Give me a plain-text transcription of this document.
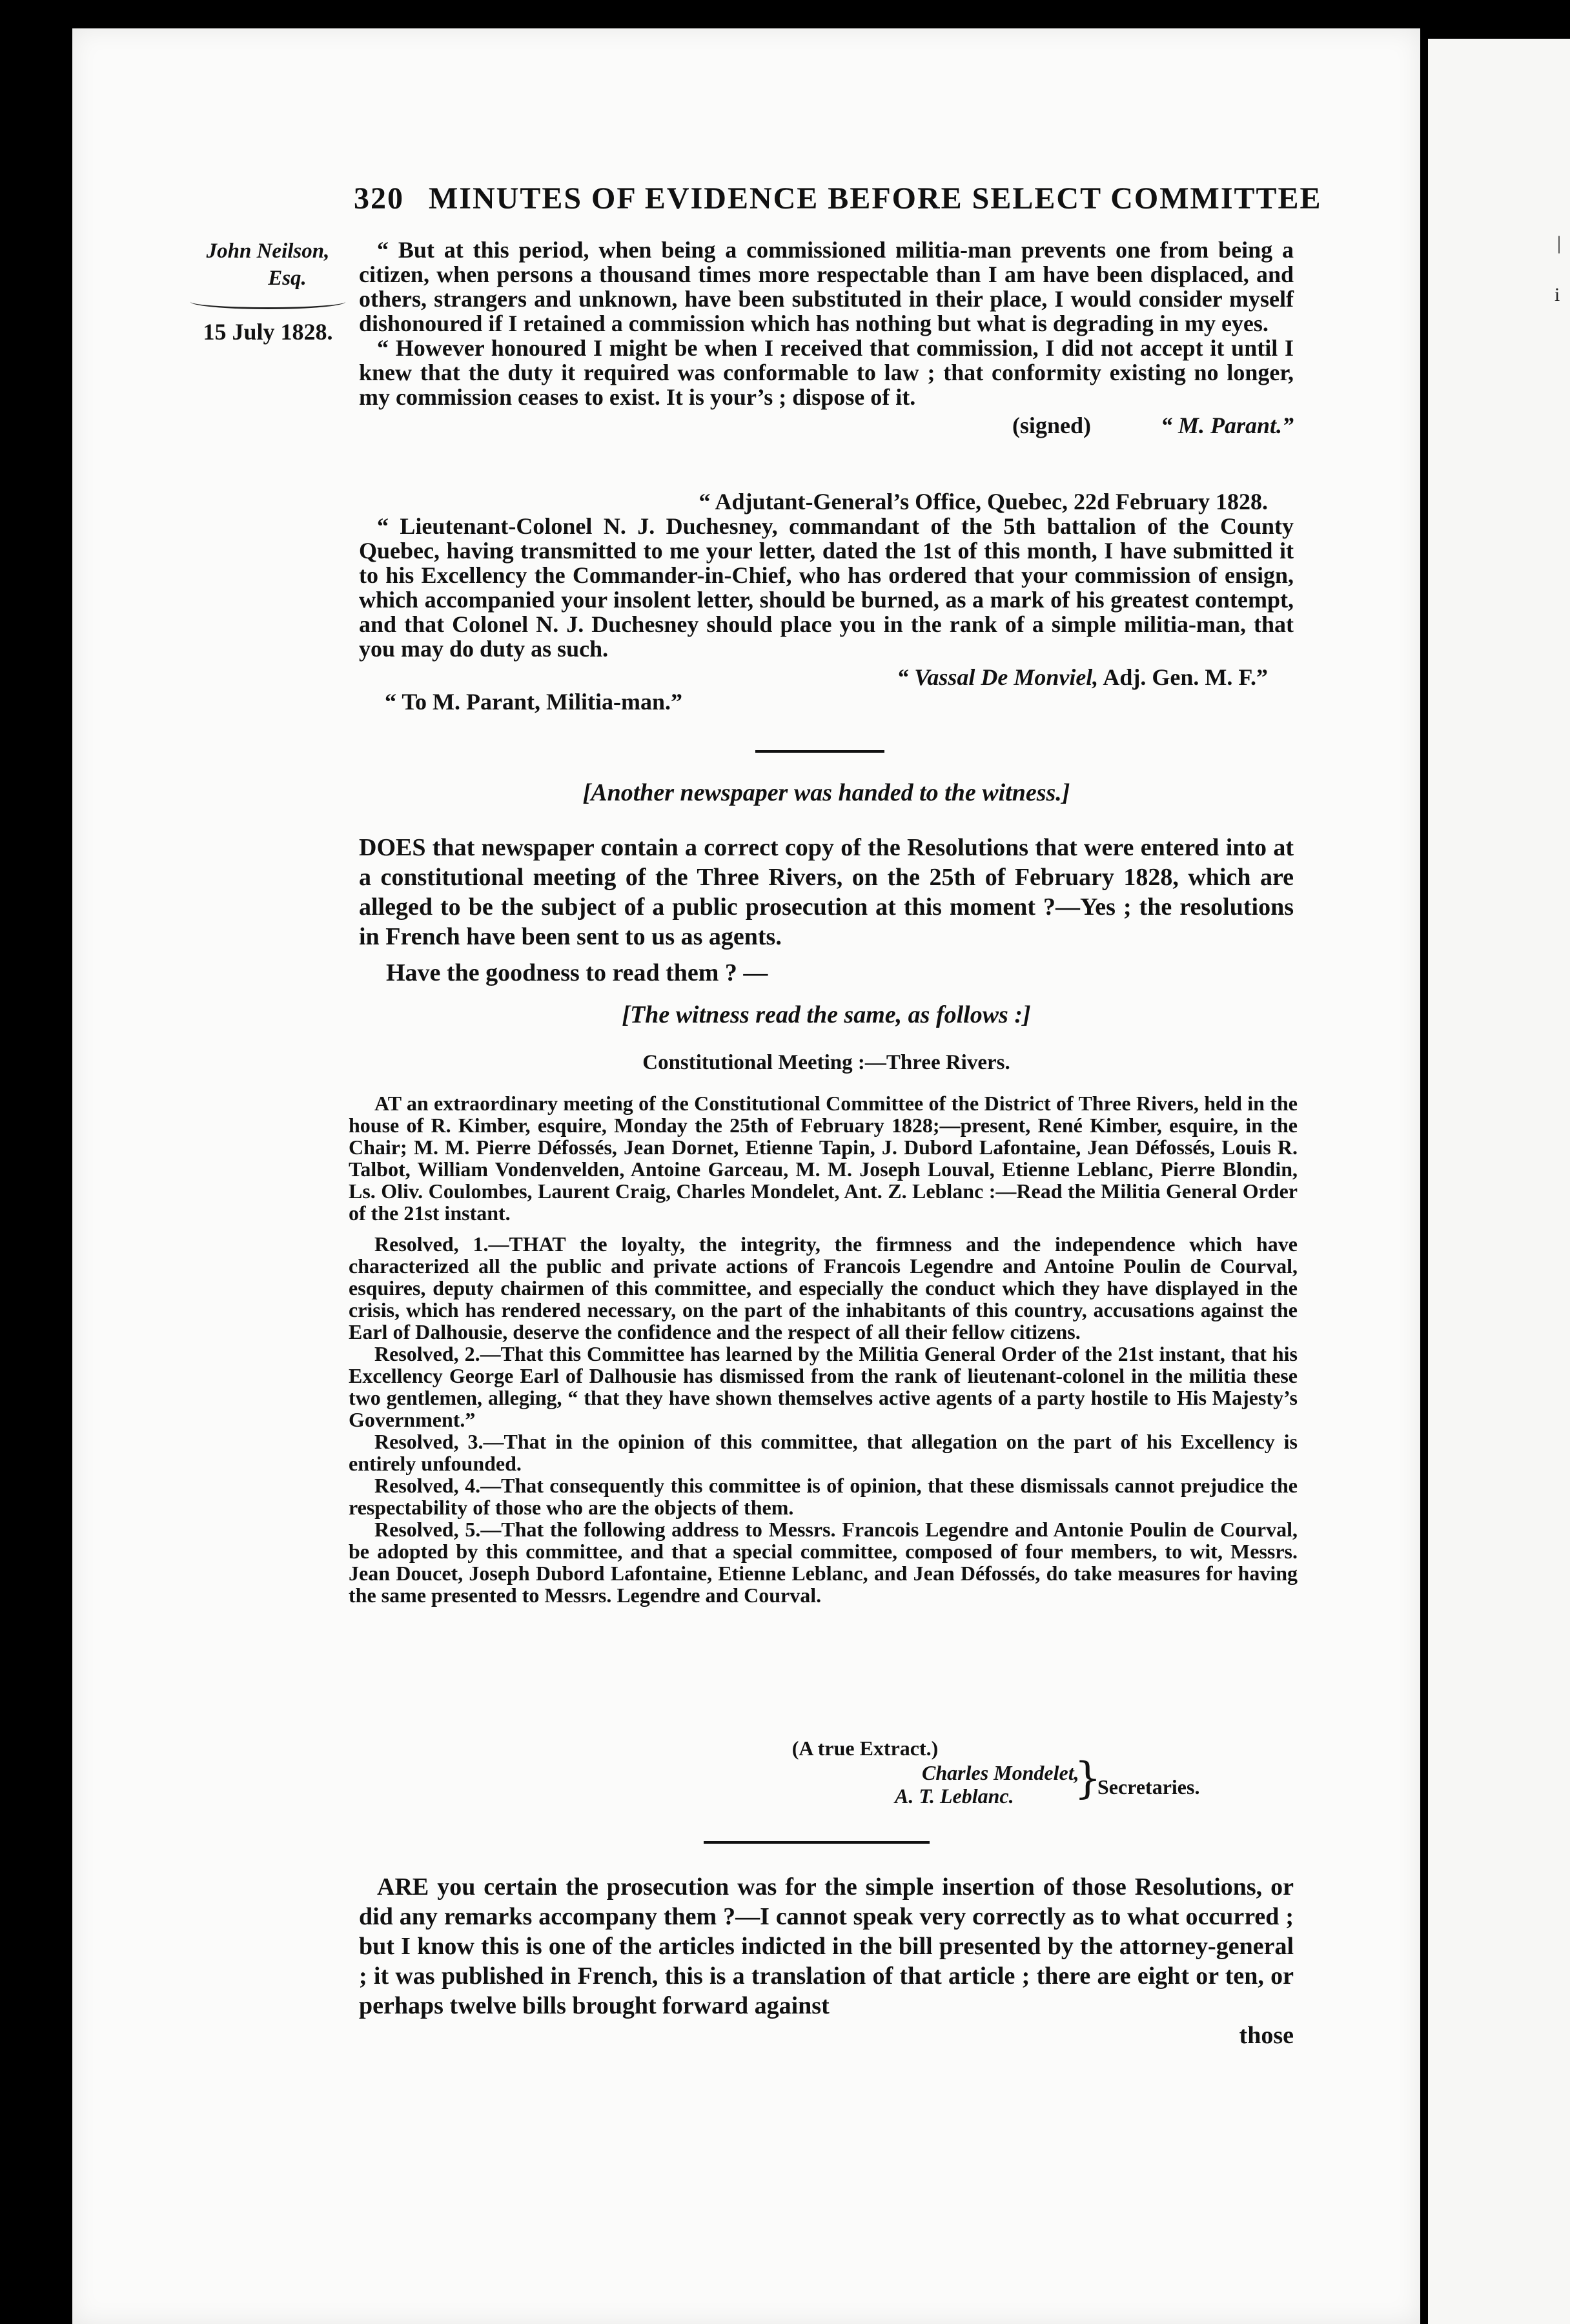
|
i
320 MINUTES OF EVIDENCE BEFORE SELECT COMMITTEE
John Neilson,
Esq.
15 July 1828.

“ But at this period, when being a commissioned militia-man prevents one from being a citizen, when persons a thousand times more respectable than I am have been displaced, and others, strangers and unknown, have been substituted in their place, I would consider myself dishonoured if I retained a commission which has nothing but what is degrading in my eyes.

“ However honoured I might be when I received that commission, I did not accept it until I knew that the duty it required was conformable to law ; that conformity existing no longer, my commission ceases to exist. It is your’s ; dispose of it.

(signed)	“ M. Parant.”

“ Adjutant-General’s Office, Quebec, 22d February 1828.

“ Lieutenant-Colonel N. J. Duchesney, commandant of the 5th battalion of the County Quebec, having transmitted to me your letter, dated the 1st of this month, I have submitted it to his Excellency the Commander-in-Chief, who has ordered that your commission of ensign, which accompanied your insolent letter, should be burned, as a mark of his greatest contempt, and that Colonel N. J. Duchesney should place you in the rank of a simple militia-man, that you may do duty as such.

“ Vassal De Monviel, Adj. Gen. M. F.”

“ To M. Parant, Militia-man.”

[Another newspaper was handed to the witness.]

DOES that newspaper contain a correct copy of the Resolutions that were entered into at a constitutional meeting of the Three Rivers, on the 25th of February 1828, which are alleged to be the subject of a public prosecution at this moment ?—Yes ; the resolutions in French have been sent to us as agents.

Have the goodness to read them ? —

[The witness read the same, as follows :]
Constitutional Meeting :—Three Rivers.

AT an extraordinary meeting of the Constitutional Committee of the District of Three Rivers, held in the house of R. Kimber, esquire, Monday the 25th of February 1828;—present, René Kimber, esquire, in the Chair; M. M. Pierre Défossés, Jean Dornet, Etienne Tapin, J. Dubord Lafontaine, Jean Défossés, Louis R. Talbot, William Vondenvelden, Antoine Garceau, M. M. Joseph Louval, Etienne Leblanc, Pierre Blondin, Ls. Oliv. Coulombes, Laurent Craig, Charles Mondelet, Ant. Z. Leblanc :—Read the Militia General Order of the 21st instant.

Resolved, 1.—THAT the loyalty, the integrity, the firmness and the independence which have characterized all the public and private actions of Francois Legendre and Antoine Poulin de Courval, esquires, deputy chairmen of this committee, and especially the conduct which they have displayed in the crisis, which has rendered necessary, on the part of the inhabitants of this country, accusations against the Earl of Dalhousie, deserve the confidence and the respect of all their fellow citizens.

Resolved, 2.—That this Committee has learned by the Militia General Order of the 21st instant, that his Excellency George Earl of Dalhousie has dismissed from the rank of lieutenant-colonel in the militia these two gentlemen, alleging, “ that they have shown themselves active agents of a party hostile to His Majesty’s Government.”

Resolved, 3.—That in the opinion of this committee, that allegation on the part of his Excellency is entirely unfounded.

Resolved, 4.—That consequently this committee is of opinion, that these dismissals cannot prejudice the respectability of those who are the objects of them.

Resolved, 5.—That the following address to Messrs. Francois Legendre and Antonie Poulin de Courval, be adopted by this committee, and that a special committee, composed of four members, to wit, Messrs. Jean Doucet, Joseph Dubord Lafontaine, Etienne Leblanc, and Jean Défossés, do take measures for having the same presented to Messrs. Legendre and Courval.

(A true Extract.)
Charles Mondelet,
A. T. Leblanc. }
Secretaries.

ARE you certain the prosecution was for the simple insertion of those Resolutions, or did any remarks accompany them ?—I cannot speak very correctly as to what occurred ; but I know this is one of the articles indicted in the bill presented by the attorney-general ; it was published in French, this is a translation of that article ; there are eight or ten, or perhaps twelve bills brought forward against

those
